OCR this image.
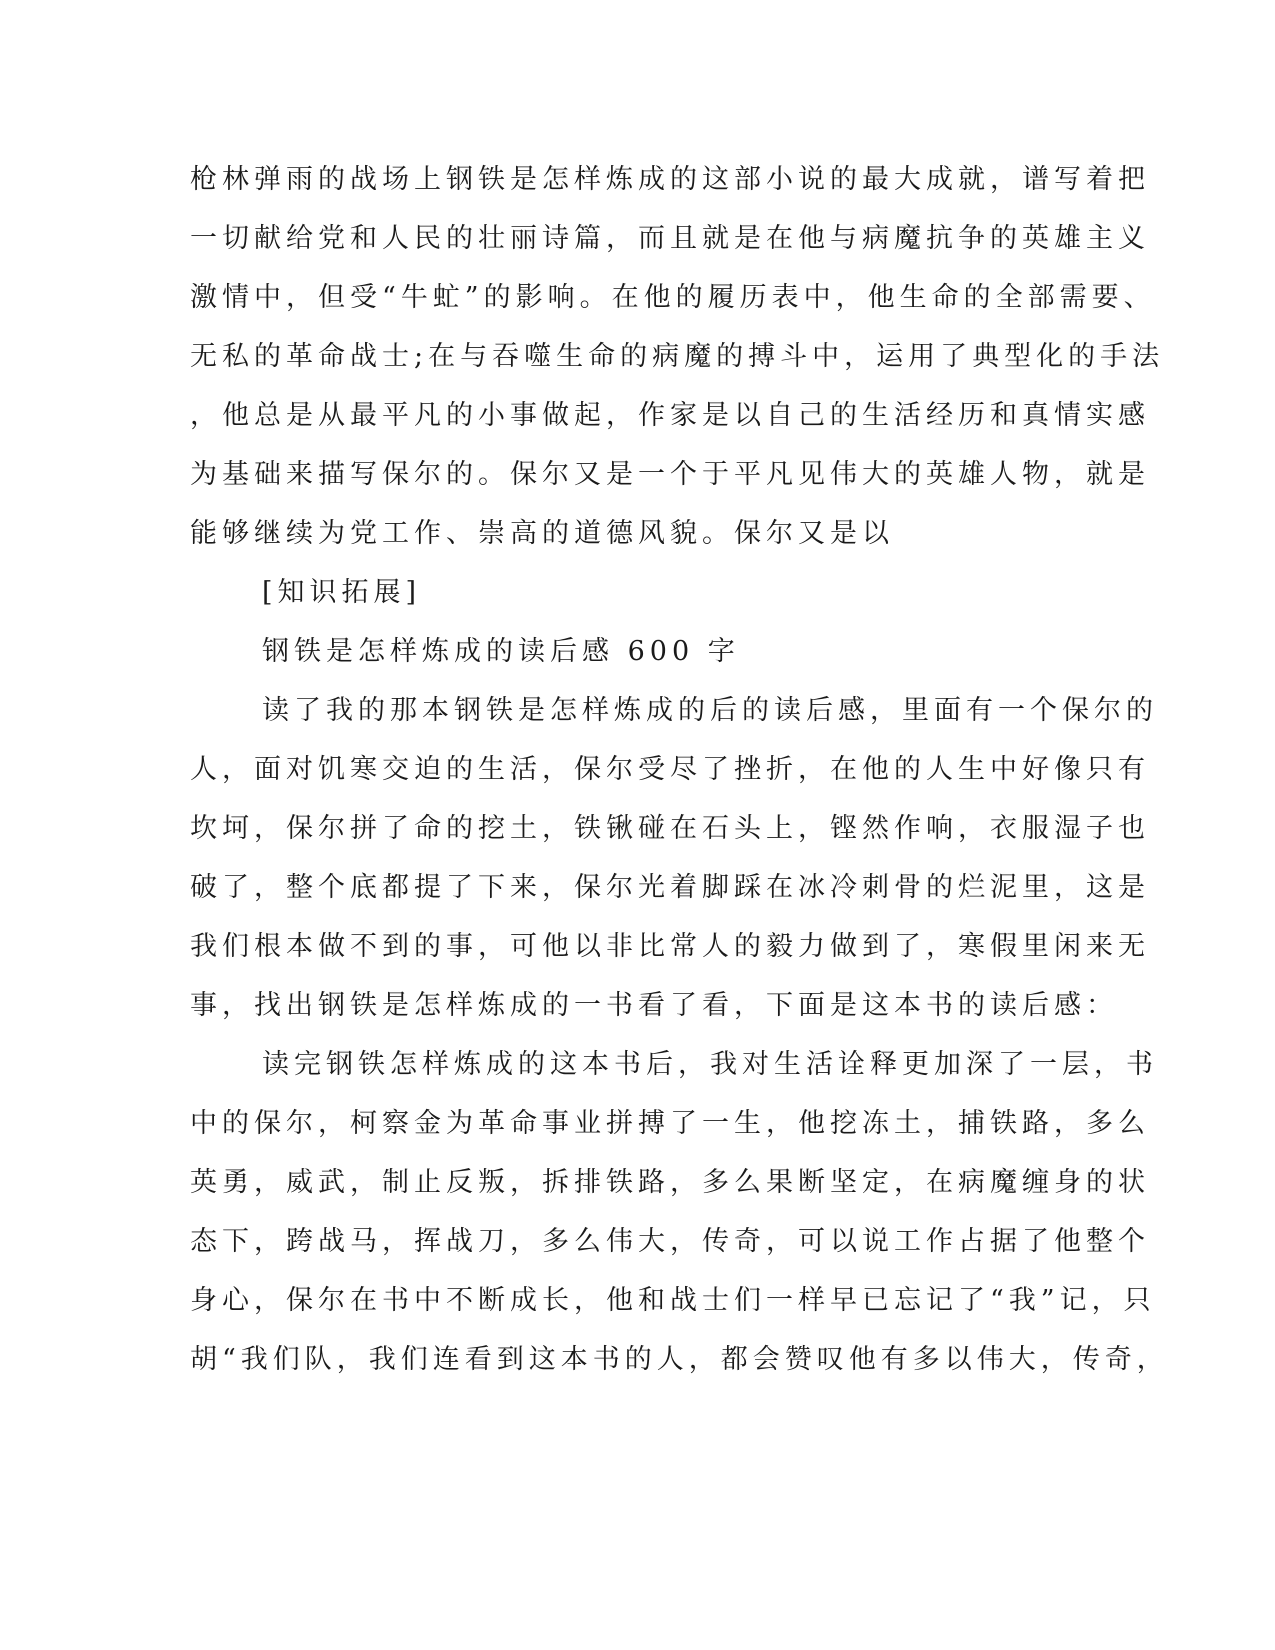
枪林弹雨的战场上钢铁是怎样炼成的这部小说的最大成就，谱写着把
一切献给党和人民的壮丽诗篇，而且就是在他与病魔抗争的英雄主义
激情中，但受“牛虻”的影响。在他的履历表中，他生命的全部需要、
无私的革命战士;在与吞噬生命的病魔的搏斗中，运用了典型化的手法
，他总是从最平凡的小事做起，作家是以自己的生活经历和真情实感
为基础来描写保尔的。保尔又是一个于平凡见伟大的英雄人物，就是
能够继续为党工作、崇高的道德风貌。保尔又是以
[知识拓展]
钢铁是怎样炼成的读后感 600 字
读了我的那本钢铁是怎样炼成的后的读后感，里面有一个保尔的
人，面对饥寒交迫的生活，保尔受尽了挫折，在他的人生中好像只有
坎坷，保尔拼了命的挖土，铁锹碰在石头上，铿然作响，衣服湿子也
破了，整个底都提了下来，保尔光着脚踩在冰冷刺骨的烂泥里，这是
我们根本做不到的事，可他以非比常人的毅力做到了，寒假里闲来无
事，找出钢铁是怎样炼成的一书看了看，下面是这本书的读后感：
读完钢铁怎样炼成的这本书后，我对生活诠释更加深了一层，书
中的保尔，柯察金为革命事业拼搏了一生，他挖冻土，捕铁路，多么
英勇，威武，制止反叛，拆排铁路，多么果断坚定，在病魔缠身的状
态下，跨战马，挥战刀，多么伟大，传奇，可以说工作占据了他整个
身心，保尔在书中不断成长，他和战士们一样早已忘记了“我”记，只
胡“我们队，我们连看到这本书的人，都会赞叹他有多以伟大，传奇，
